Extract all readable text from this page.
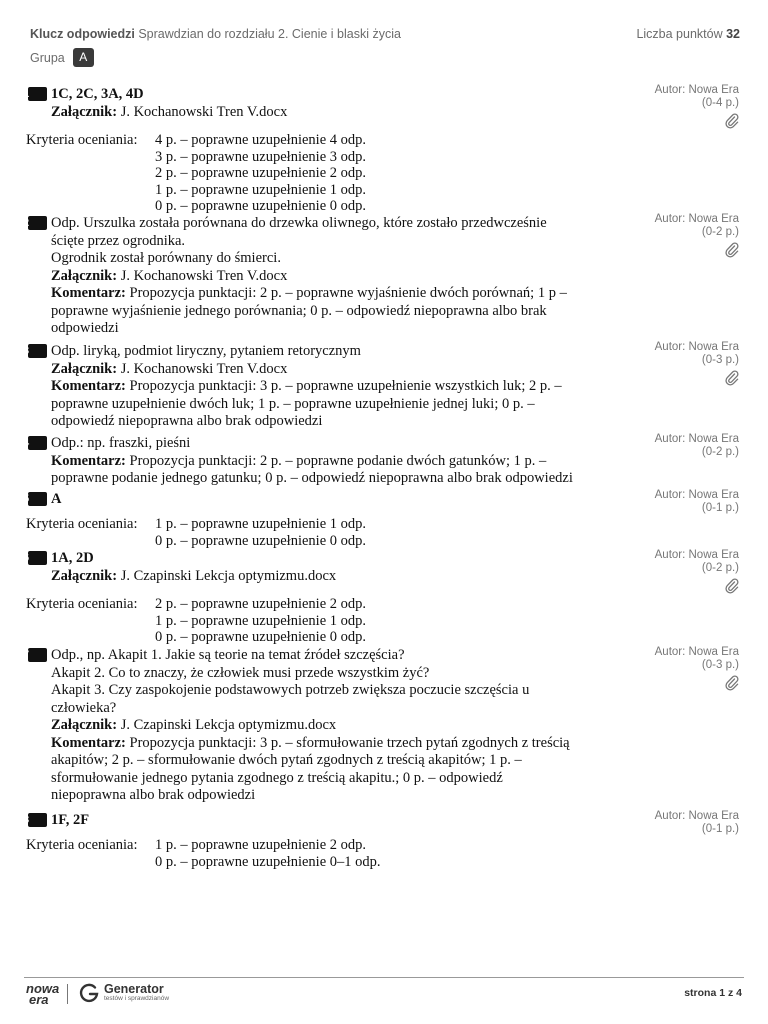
Klucz odpowiedzi Sprawdzian do rozdziału 2. Cienie i blaski życia	Liczba punktów 32
Grupa	A
1 1C, 2C, 3A, 4D
Załącznik: J. Kochanowski Tren V.docx
Autor: Nowa Era
(0-4 p.)
Kryteria oceniania: 4 p. – poprawne uzupełnienie 4 odp.
3 p. – poprawne uzupełnienie 3 odp.
2 p. – poprawne uzupełnienie 2 odp.
1 p. – poprawne uzupełnienie 1 odp.
0 p. – poprawne uzupełnienie 0 odp.
2 Odp. Urszulka została porównana do drzewka oliwnego, które zostało przedwcześnie
ścięte przez ogrodnika.
Ogrodnik został porównany do śmierci.
Załącznik: J. Kochanowski Tren V.docx
Komentarz: Propozycja punktacji: 2 p. – poprawne wyjaśnienie dwóch porównań; 1 p –
poprawne wyjaśnienie jednego porównania; 0 p. – odpowiedź niepoprawna albo brak
odpowiedzi
Autor: Nowa Era
(0-2 p.)
3 Odp. liryką, podmiot liryczny, pytaniem retorycznym
Załącznik: J. Kochanowski Tren V.docx
Komentarz: Propozycja punktacji: 3 p. – poprawne uzupełnienie wszystkich luk; 2 p. –
poprawne uzupełnienie dwóch luk; 1 p. – poprawne uzupełnienie jednej luki; 0 p. –
odpowiedź niepoprawna albo brak odpowiedzi
Autor: Nowa Era
(0-3 p.)
4 Odp.: np. fraszki, pieśni
Komentarz: Propozycja punktacji: 2 p. – poprawne podanie dwóch gatunków; 1 p. –
poprawne podanie jednego gatunku; 0 p. – odpowiedź niepoprawna albo brak odpowiedzi
Autor: Nowa Era
(0-2 p.)
5 A	Autor: Nowa Era
(0-1 p.)
Kryteria oceniania: 1 p. – poprawne uzupełnienie 1 odp.
0 p. – poprawne uzupełnienie 0 odp.
6 1A, 2D
Załącznik: J. Czapinski Lekcja optymizmu.docx
Autor: Nowa Era
(0-2 p.)
Kryteria oceniania: 2 p. – poprawne uzupełnienie 2 odp.
1 p. – poprawne uzupełnienie 1 odp.
0 p. – poprawne uzupełnienie 0 odp.
7 Odp., np. Akapit 1. Jakie są teorie na temat źródeł szczęścia?
Akapit 2. Co to znaczy, że człowiek musi przede wszystkim żyć?
Akapit 3. Czy zaspokojenie podstawowych potrzeb zwiększa poczucie szczęścia u
człowieka?
Załącznik: J. Czapinski Lekcja optymizmu.docx
Komentarz: Propozycja punktacji: 3 p. – sformułowanie trzech pytań zgodnych z treścią
akapitów; 2 p. – sformułowanie dwóch pytań zgodnych z treścią akapitów; 1 p. –
sformułowanie jednego pytania zgodnego z treścią akapitu.; 0 p. – odpowiedź
niepoprawna albo brak odpowiedzi
Autor: Nowa Era
(0-3 p.)
8 1F, 2F	Autor: Nowa Era
(0-1 p.)
Kryteria oceniania: 1 p. – poprawne uzupełnienie 2 odp.
0 p. – poprawne uzupełnienie 0–1 odp.
nowa
era
Generator
testów i sprawdzianów	strona 1 z 4
